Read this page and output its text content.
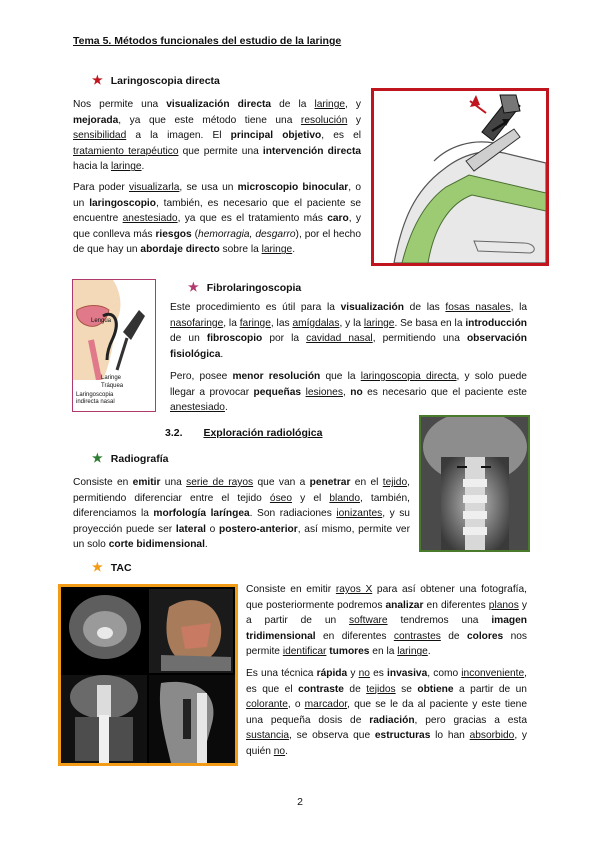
Tema 5. Métodos funcionales del estudio de la laringe
★ Laringoscopia directa
Nos permite una visualización directa de la laringe, y mejorada, ya que este método tiene una resolución y sensibilidad a la imagen. El principal objetivo, es el tratamiento terapéutico que permite una intervención directa hacia la laringe.
Para poder visualizarla, se usa un microscopio binocular, o un laringoscopio, también, es necesario que el paciente se encuentre anestesiado, ya que es el tratamiento más caro, y que conlleva más riesgos (hemorragia, desgarro), por el hecho de que hay un abordaje directo sobre la laringe.
★ Fibrolaringoscopia
Este procedimiento es útil para la visualización de las fosas nasales, la nasofaringe, la faringe, las amígdalas, y la laringe. Se basa en la introducción de un fibroscopio por la cavidad nasal, permitiendo una observación fisiológica.
Pero, posee menor resolución que la laringoscopia directa, y solo puede llegar a provocar pequeñas lesiones, no es necesario que el paciente este anestesiado.
Lengua
Laringe
Tráquea
Laringoscopia indirecta nasal
3.2. Exploración radiológica
★ Radiografía
Consiste en emitir una serie de rayos que van a penetrar en el tejido, permitiendo diferenciar entre el tejido óseo y el blando, también, diferenciamos la morfología laríngea. Son radiaciones ionizantes, y su proyección puede ser lateral o postero-anterior, así mismo, permite ver un solo corte bidimensional.
★ TAC
Consiste en emitir rayos X para así obtener una fotografía, que posteriormente podremos analizar en diferentes planos y a partir de un software tendremos una imagen tridimensional en diferentes contrastes de colores nos permite identificar tumores en la laringe.
Es una técnica rápida y no es invasiva, como inconveniente, es que el contraste de tejidos se obtiene a partir de un colorante, o marcador, que se le da al paciente y este tiene una pequeña dosis de radiación, pero gracias a esta sustancia, se observa que estructuras lo han absorbido, y quién no.
2
